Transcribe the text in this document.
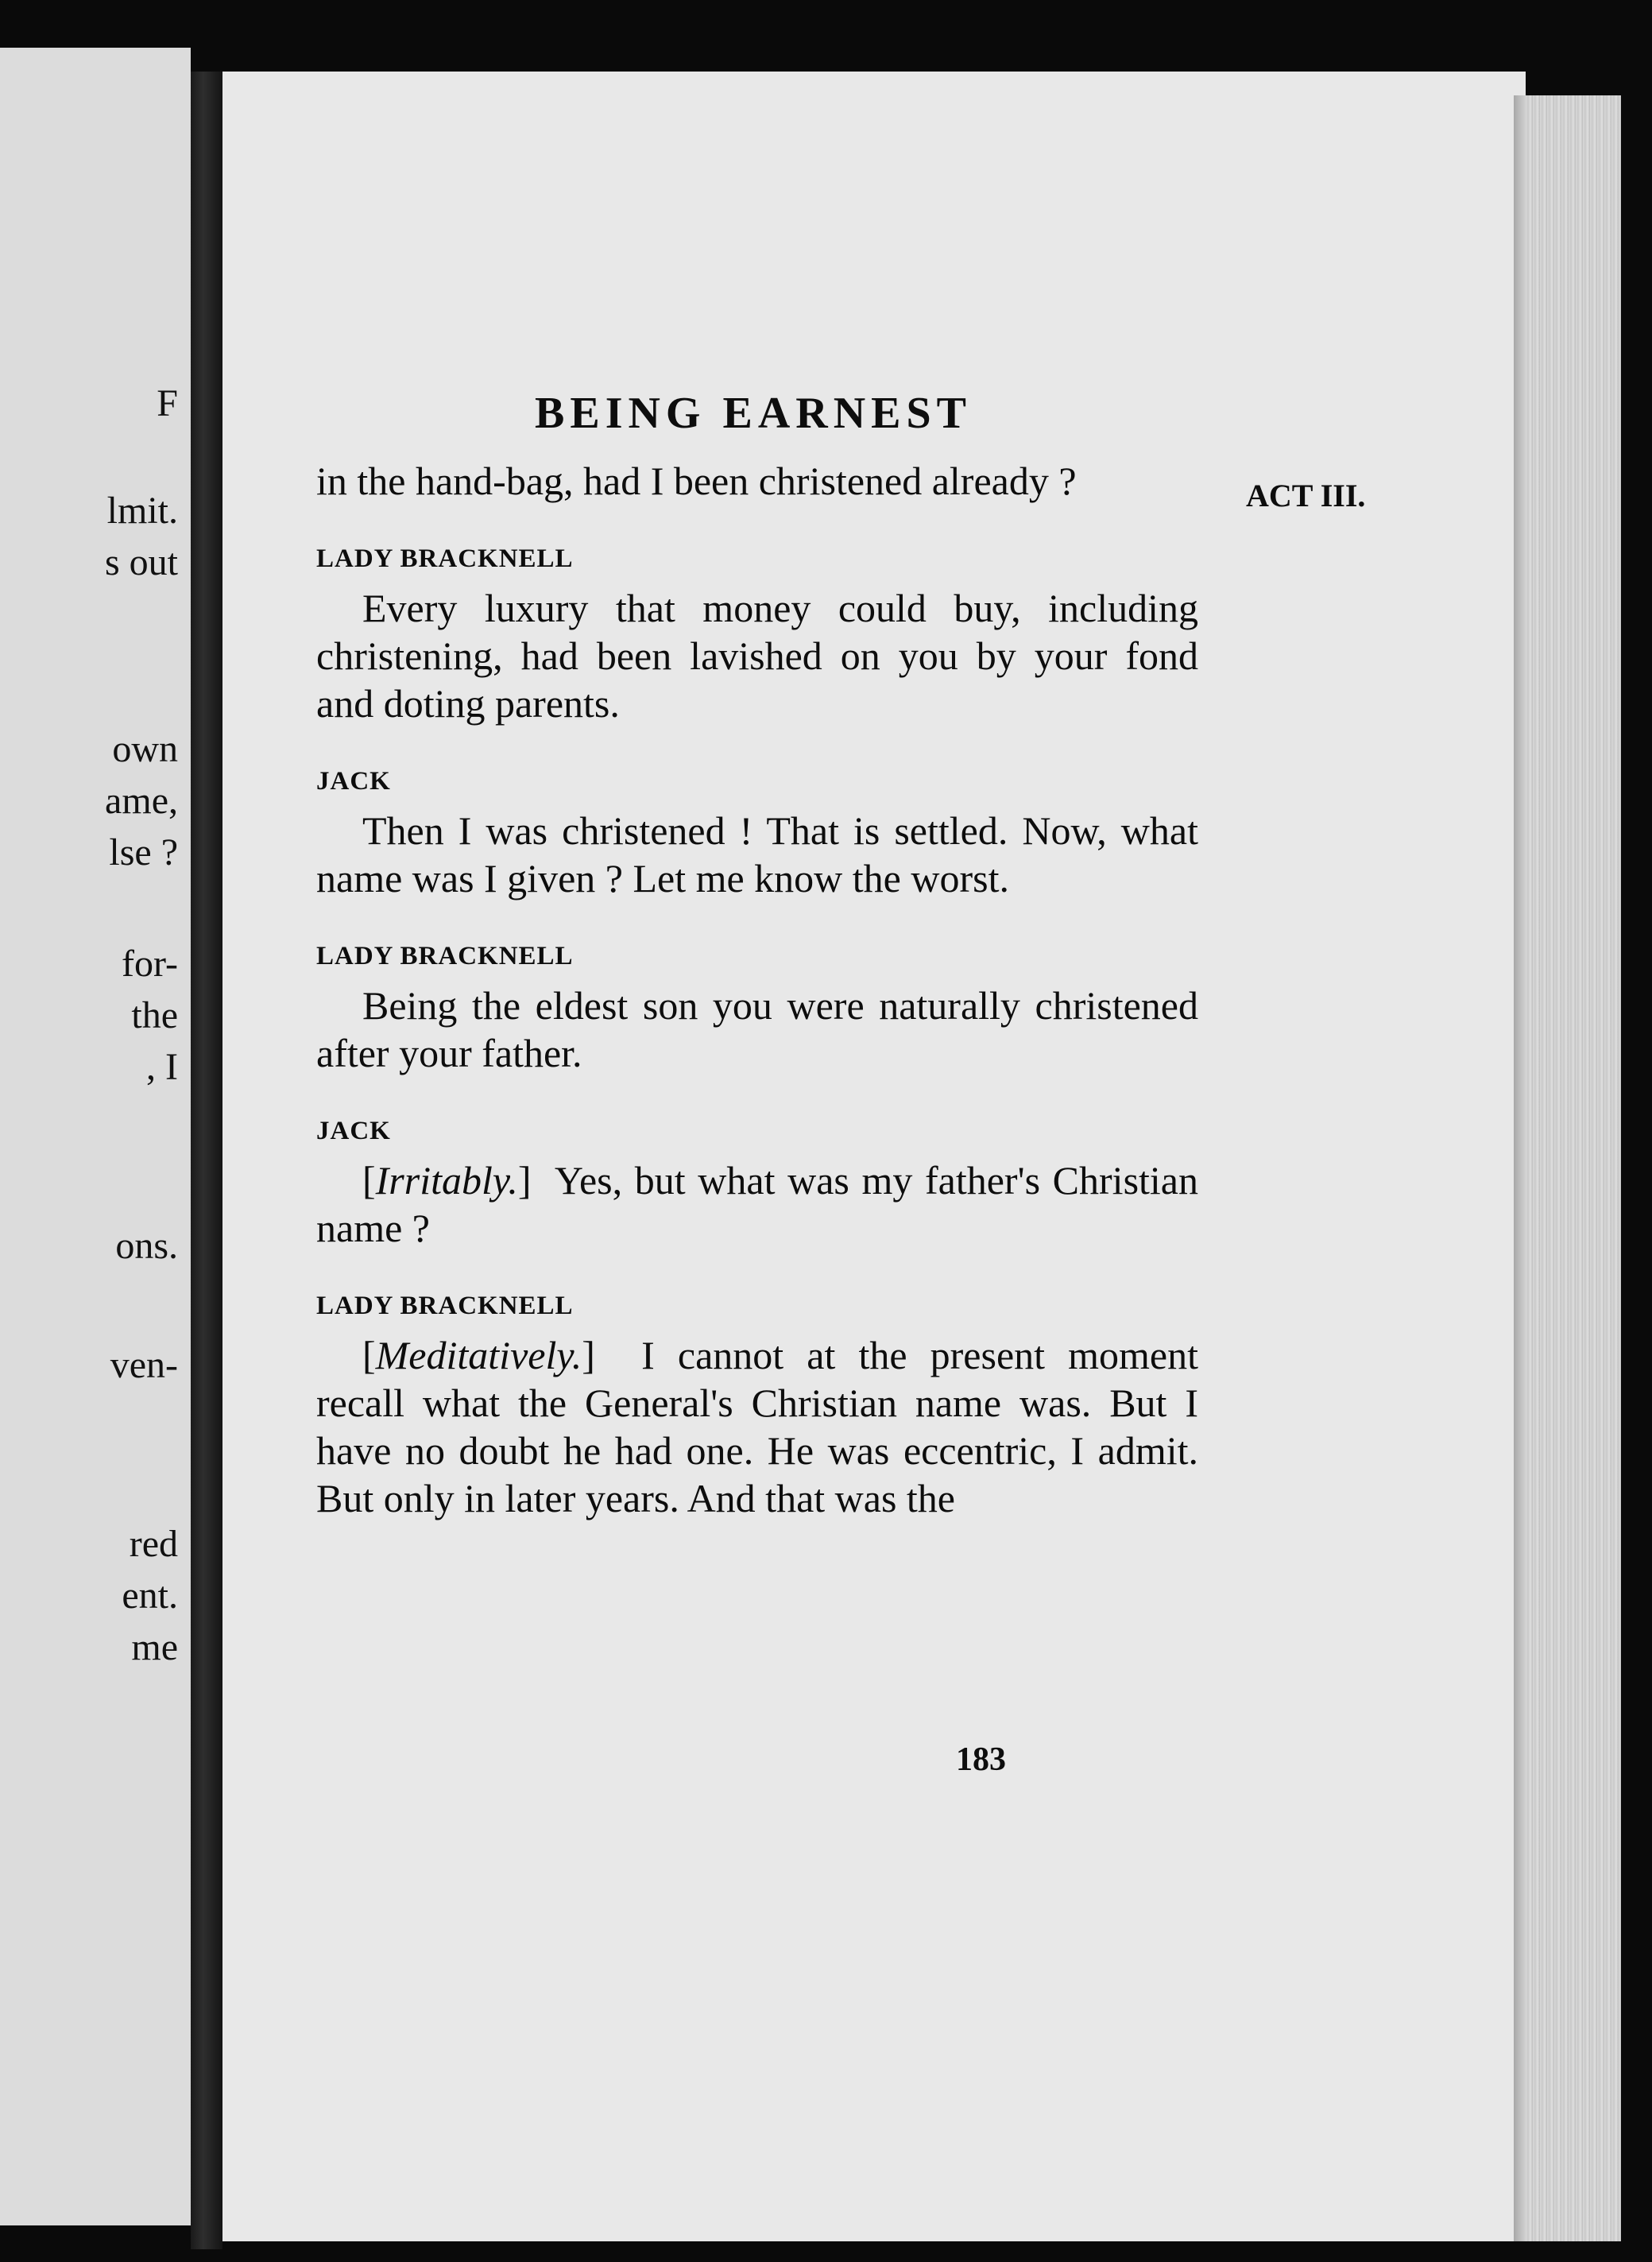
F
lmit.
s out
own
ame,
lse ?
for-
the
, I
ons.
ven-
red
ent.
me
BEING EARNEST
ACT III.

in the hand-bag, had I been christened already ?

LADY BRACKNELL

Every luxury that money could buy, including christening, had been lavished on you by your fond and doting parents.

JACK

Then I was christened ! That is settled. Now, what name was I given ? Let me know the worst.

LADY BRACKNELL

Being the eldest son you were naturally christened after your father.

JACK

[Irritably.]  Yes, but what was my father's Christian name ?

LADY BRACKNELL

[Meditatively.]  I cannot at the present moment recall what the General's Christian name was. But I have no doubt he had one. He was eccentric, I admit. But only in later years. And that was the

183
